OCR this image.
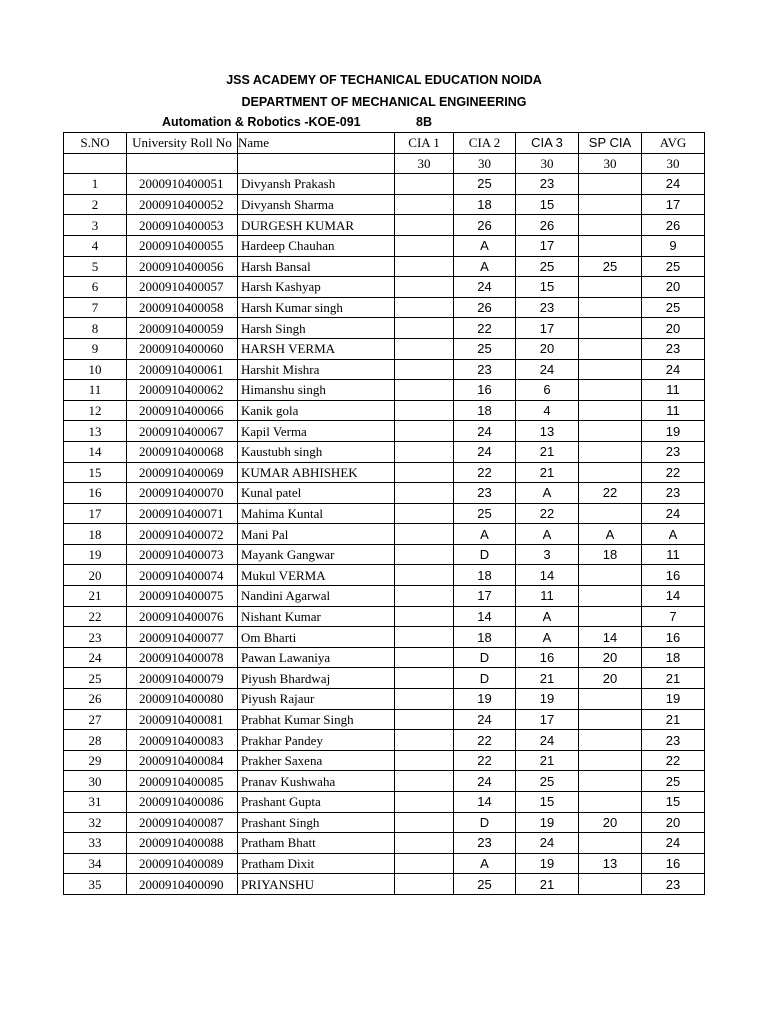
JSS ACADEMY OF TECHANICAL EDUCATION NOIDA
DEPARTMENT OF MECHANICAL ENGINEERING
Automation & Robotics -KOE-091	8B
S.NO	University Roll No	Name	CIA 1	CIA 2	CIA 3	SP CIA	AVG
			30	30	30	30	30
1	2000910400051	Divyansh Prakash		25	23		24
2	2000910400052	Divyansh Sharma		18	15		17
3	2000910400053	DURGESH KUMAR		26	26		26
4	2000910400055	Hardeep Chauhan		A	17		9
5	2000910400056	Harsh Bansal		A	25	25	25
6	2000910400057	Harsh Kashyap		24	15		20
7	2000910400058	Harsh Kumar singh		26	23		25
8	2000910400059	Harsh Singh		22	17		20
9	2000910400060	HARSH VERMA		25	20		23
10	2000910400061	Harshit Mishra		23	24		24
11	2000910400062	Himanshu singh		16	6		11
12	2000910400066	Kanik gola		18	4		11
13	2000910400067	Kapil Verma		24	13		19
14	2000910400068	Kaustubh singh		24	21		23
15	2000910400069	KUMAR ABHISHEK		22	21		22
16	2000910400070	Kunal patel		23	A	22	23
17	2000910400071	Mahima Kuntal		25	22		24
18	2000910400072	Mani Pal		A	A	A	A
19	2000910400073	Mayank Gangwar		D	3	18	11
20	2000910400074	Mukul VERMA		18	14		16
21	2000910400075	Nandini Agarwal		17	11		14
22	2000910400076	Nishant Kumar		14	A		7
23	2000910400077	Om Bharti		18	A	14	16
24	2000910400078	Pawan Lawaniya		D	16	20	18
25	2000910400079	Piyush Bhardwaj		D	21	20	21
26	2000910400080	Piyush Rajaur		19	19		19
27	2000910400081	Prabhat Kumar Singh		24	17		21
28	2000910400083	Prakhar Pandey		22	24		23
29	2000910400084	Prakher Saxena		22	21		22
30	2000910400085	Pranav Kushwaha		24	25		25
31	2000910400086	Prashant Gupta		14	15		15
32	2000910400087	Prashant Singh		D	19	20	20
33	2000910400088	Pratham Bhatt		23	24		24
34	2000910400089	Pratham Dixit		A	19	13	16
35	2000910400090	PRIYANSHU		25	21		23
